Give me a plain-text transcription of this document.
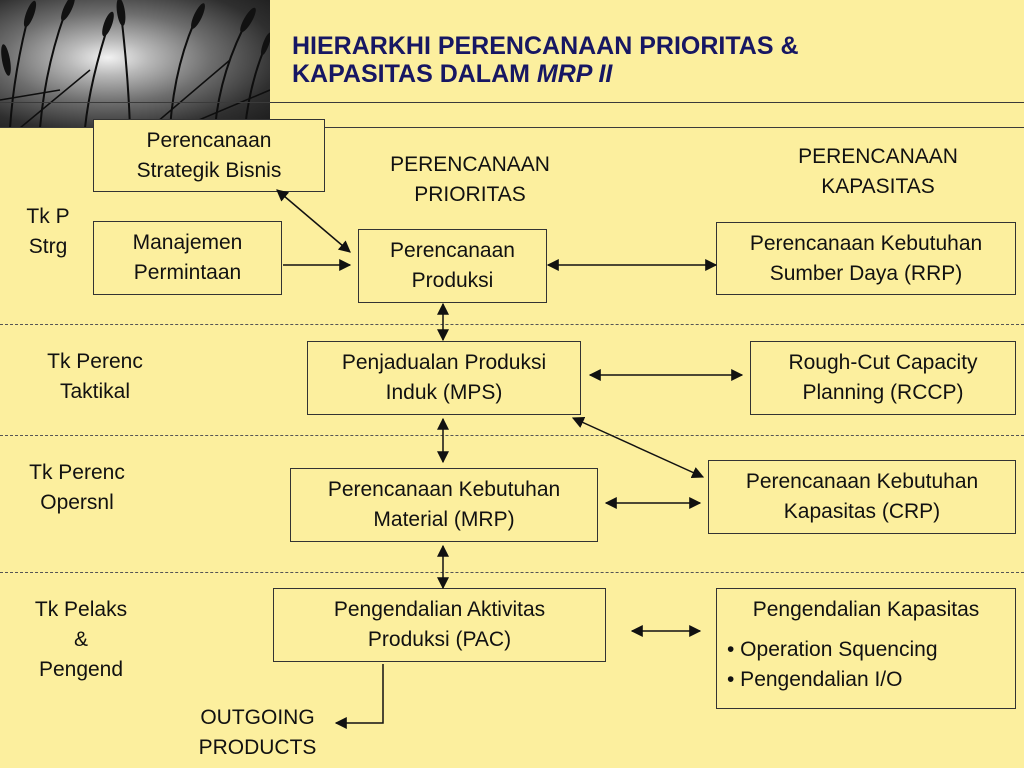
HIERARKHI PERENCANAAN PRIORITAS &
KAPASITAS DALAM MRP II
PERENCANAAN
PRIORITAS
PERENCANAAN
KAPASITAS
Tk P
Strg
Tk Perenc
Taktikal
Tk Perenc
Opersnl
Tk Pelaks
&
Pengend
Perencanaan
Strategik Bisnis
Manajemen
Permintaan
Perencanaan
Produksi
Perencanaan Kebutuhan
Sumber Daya (RRP)
Penjadualan Produksi
Induk (MPS)
Rough-Cut Capacity
Planning (RCCP)
Perencanaan Kebutuhan
Material (MRP)
Perencanaan Kebutuhan
Kapasitas (CRP)
Pengendalian Aktivitas
Produksi (PAC)
Pengendalian Kapasitas
• Operation Squencing
• Pengendalian I/O
OUTGOING
PRODUCTS
